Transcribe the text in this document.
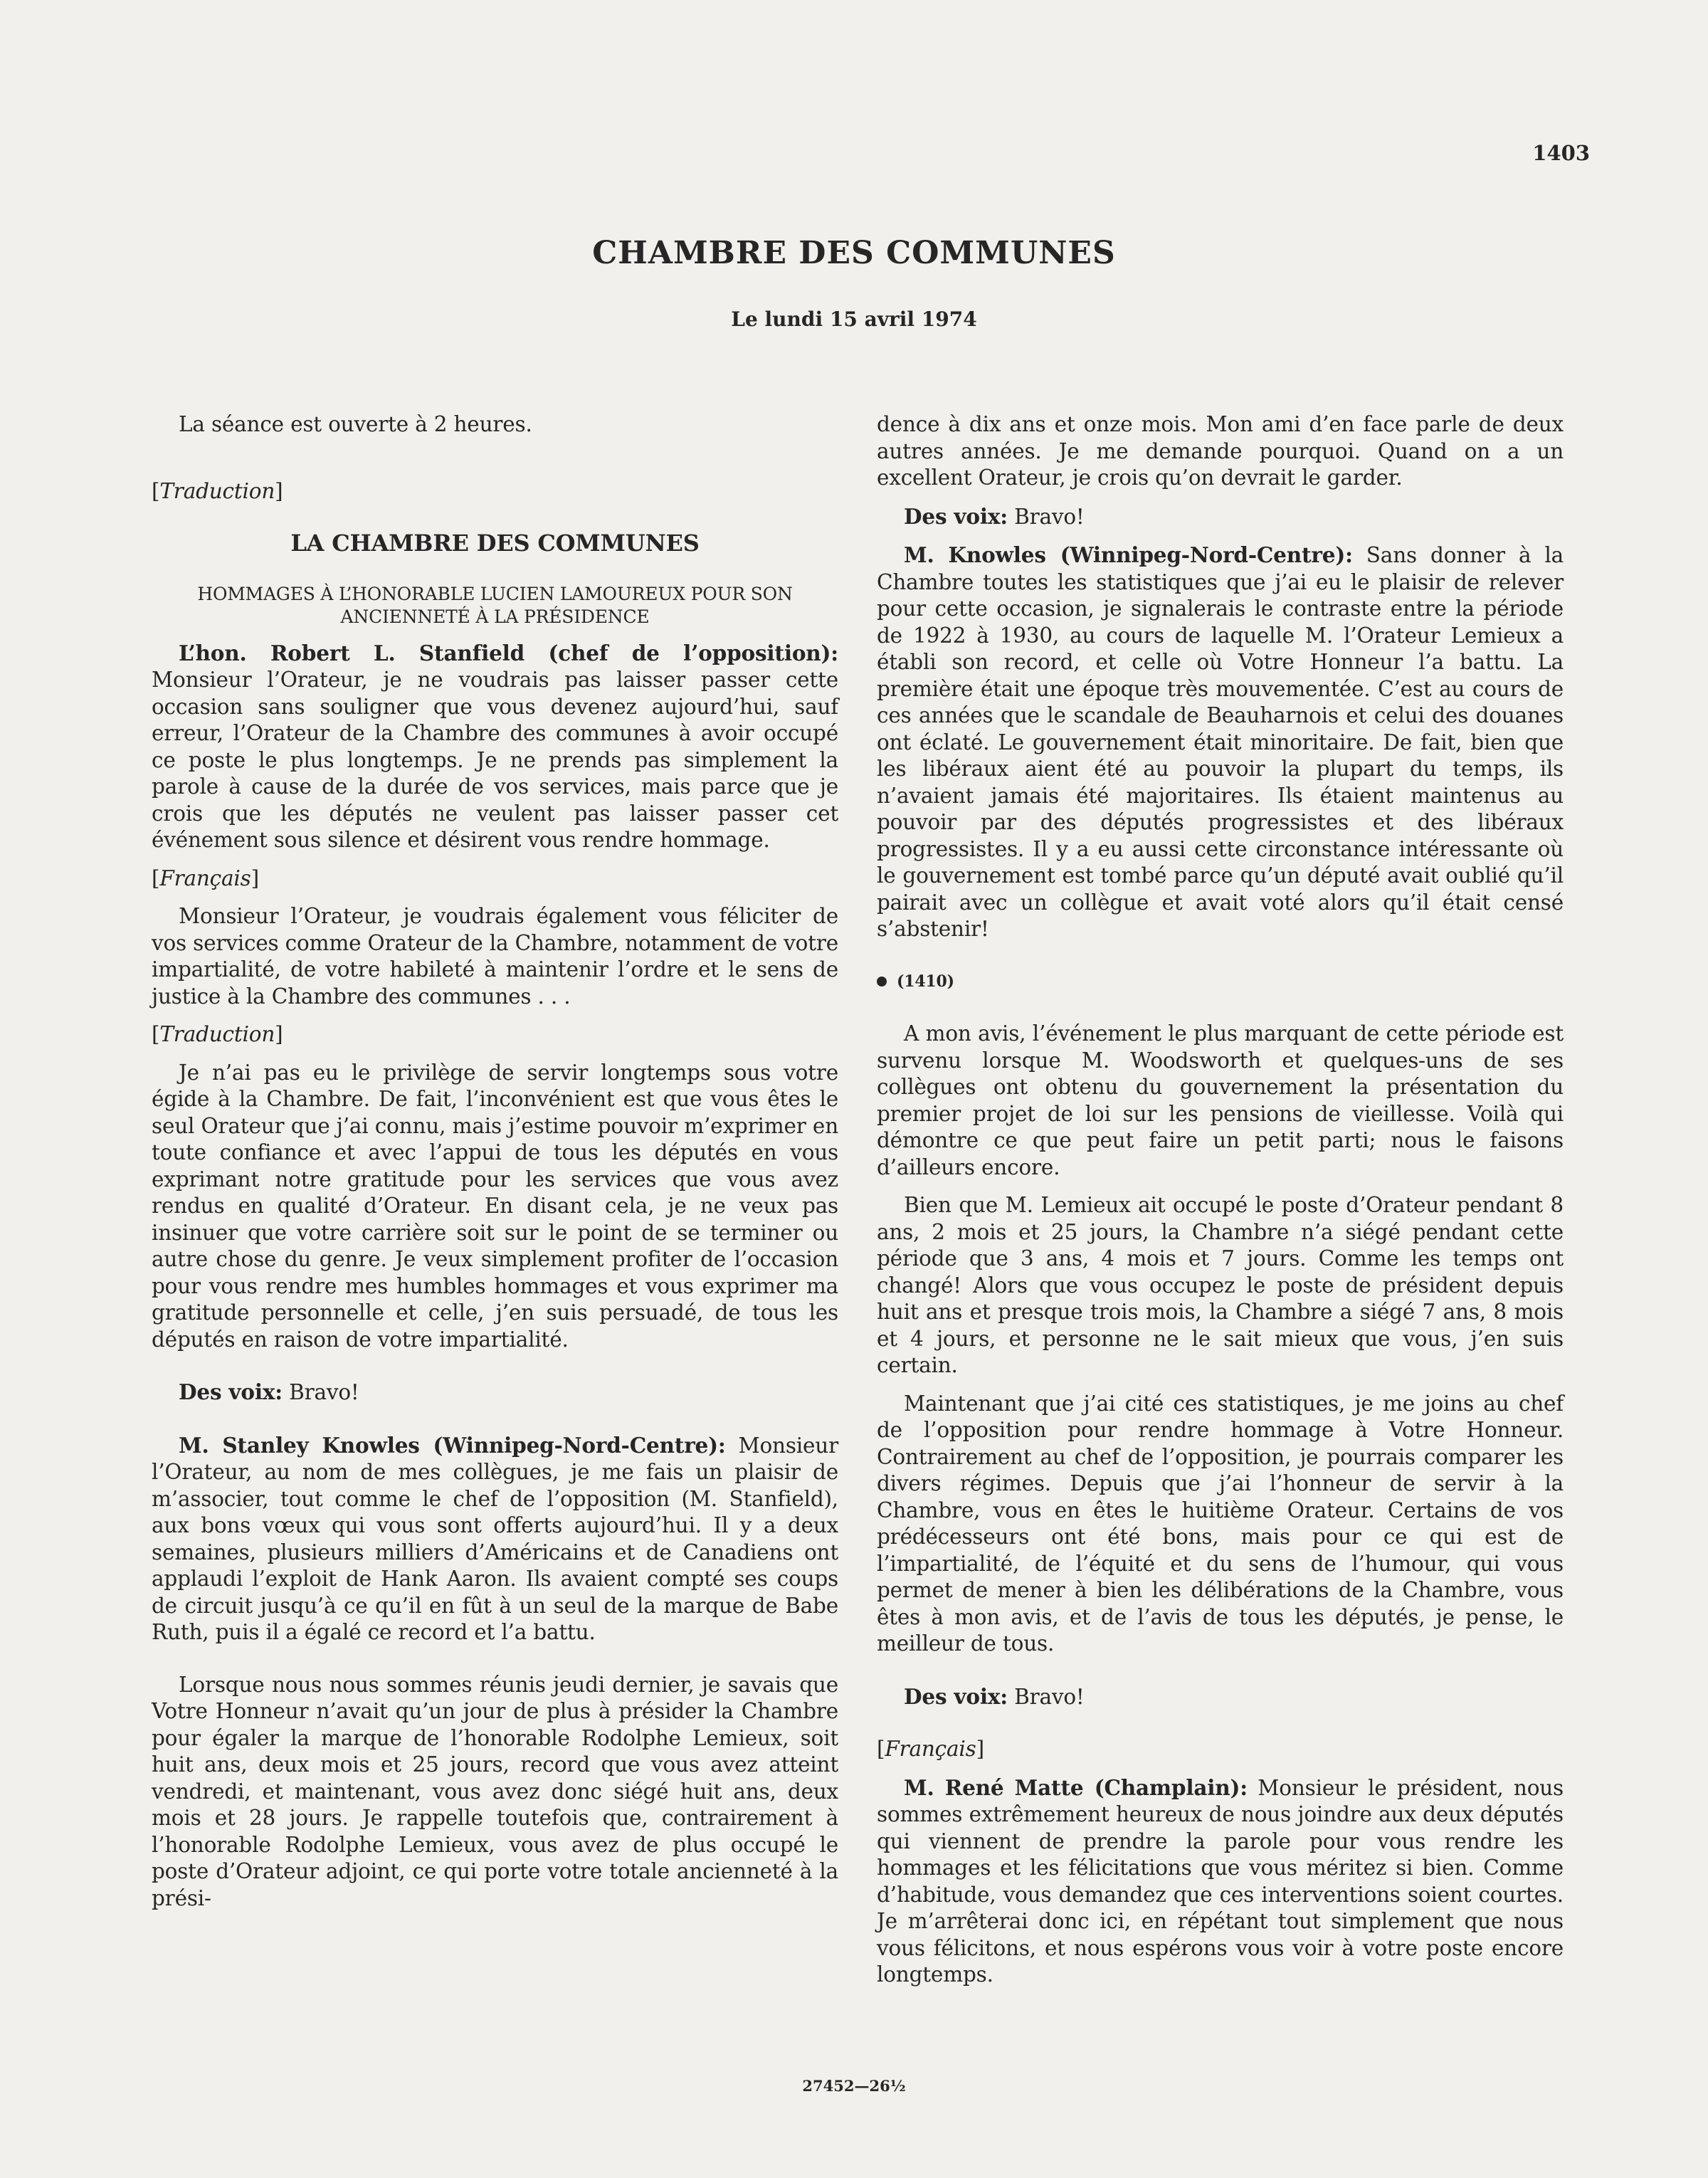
1403
CHAMBRE DES COMMUNES
Le lundi 15 avril 1974

La séance est ouverte à 2 heures.

[ Traduction ]

LA CHAMBRE DES COMMUNES

HOMMAGES À L’HONORABLE LUCIEN LAMOUREUX POUR SON ANCIENNETÉ À LA PRÉSIDENCE

L’hon. Robert L. Stanfield (chef de l’opposition): Monsieur l’Orateur, je ne voudrais pas laisser passer cette occasion sans souligner que vous devenez aujourd’hui, sauf erreur, l’Orateur de la Chambre des communes à avoir occupé ce poste le plus longtemps. Je ne prends pas simplement la parole à cause de la durée de vos services, mais parce que je crois que les députés ne veulent pas laisser passer cet événement sous silence et désirent vous rendre hommage.

[ Français ]

Monsieur l’Orateur, je voudrais également vous féliciter de vos services comme Orateur de la Chambre, notamment de votre impartialité, de votre habileté à maintenir l’ordre et le sens de justice à la Chambre des communes . . .

[ Traduction ]

Je n’ai pas eu le privilège de servir longtemps sous votre égide à la Chambre. De fait, l’inconvénient est que vous êtes le seul Orateur que j’ai connu, mais j’estime pouvoir m’exprimer en toute confiance et avec l’appui de tous les députés en vous exprimant notre gratitude pour les services que vous avez rendus en qualité d’Orateur. En disant cela, je ne veux pas insinuer que votre carrière soit sur le point de se terminer ou autre chose du genre. Je veux simplement profiter de l’occasion pour vous rendre mes humbles hommages et vous exprimer ma gratitude personnelle et celle, j’en suis persuadé, de tous les députés en raison de votre impartialité.

Des voix: Bravo!

M. Stanley Knowles (Winnipeg-Nord-Centre): Monsieur l’Orateur, au nom de mes collègues, je me fais un plaisir de m’associer, tout comme le chef de l’opposition (M. Stanfield), aux bons vœux qui vous sont offerts aujourd’hui. Il y a deux semaines, plusieurs milliers d’Américains et de Canadiens ont applaudi l’exploit de Hank Aaron. Ils avaient compté ses coups de circuit jusqu’à ce qu’il en fût à un seul de la marque de Babe Ruth, puis il a égalé ce record et l’a battu.

Lorsque nous nous sommes réunis jeudi dernier, je savais que Votre Honneur n’avait qu’un jour de plus à présider la Chambre pour égaler la marque de l’honorable Rodolphe Lemieux, soit huit ans, deux mois et 25 jours, record que vous avez atteint vendredi, et maintenant, vous avez donc siégé huit ans, deux mois et 28 jours. Je rappelle toutefois que, contrairement à l’honorable Rodolphe Lemieux, vous avez de plus occupé le poste d’Orateur adjoint, ce qui porte votre totale ancienneté à la prési-

dence à dix ans et onze mois. Mon ami d’en face parle de deux autres années. Je me demande pourquoi. Quand on a un excellent Orateur, je crois qu’on devrait le garder.

Des voix: Bravo!

M. Knowles (Winnipeg-Nord-Centre): Sans donner à la Chambre toutes les statistiques que j’ai eu le plaisir de relever pour cette occasion, je signalerais le contraste entre la période de 1922 à 1930, au cours de laquelle M. l’Orateur Lemieux a établi son record, et celle où Votre Honneur l’a battu. La première était une époque très mouvementée. C’est au cours de ces années que le scandale de Beauharnois et celui des douanes ont éclaté. Le gouvernement était minoritaire. De fait, bien que les libéraux aient été au pouvoir la plupart du temps, ils n’avaient jamais été majoritaires. Ils étaient maintenus au pouvoir par des députés progressistes et des libéraux progressistes. Il y a eu aussi cette circonstance intéressante où le gouvernement est tombé parce qu’un député avait oublié qu’il pairait avec un collègue et avait voté alors qu’il était censé s’abstenir!

(1410)

A mon avis, l’événement le plus marquant de cette période est survenu lorsque M. Woodsworth et quelques-uns de ses collègues ont obtenu du gouvernement la présentation du premier projet de loi sur les pensions de vieillesse. Voilà qui démontre ce que peut faire un petit parti; nous le faisons d’ailleurs encore.

Bien que M. Lemieux ait occupé le poste d’Orateur pendant 8 ans, 2 mois et 25 jours, la Chambre n’a siégé pendant cette période que 3 ans, 4 mois et 7 jours. Comme les temps ont changé! Alors que vous occupez le poste de président depuis huit ans et presque trois mois, la Chambre a siégé 7 ans, 8 mois et 4 jours, et personne ne le sait mieux que vous, j’en suis certain.

Maintenant que j’ai cité ces statistiques, je me joins au chef de l’opposition pour rendre hommage à Votre Honneur. Contrairement au chef de l’opposition, je pourrais comparer les divers régimes. Depuis que j’ai l’honneur de servir à la Chambre, vous en êtes le huitième Orateur. Certains de vos prédécesseurs ont été bons, mais pour ce qui est de l’impartialité, de l’équité et du sens de l’humour, qui vous permet de mener à bien les délibérations de la Chambre, vous êtes à mon avis, et de l’avis de tous les députés, je pense, le meilleur de tous.

Des voix: Bravo!

[ Français ]

M. René Matte (Champlain): Monsieur le président, nous sommes extrêmement heureux de nous joindre aux deux députés qui viennent de prendre la parole pour vous rendre les hommages et les félicitations que vous méritez si bien. Comme d’habitude, vous demandez que ces interventions soient courtes. Je m’arrêterai donc ici, en répétant tout simplement que nous vous félicitons, et nous espérons vous voir à votre poste encore longtemps.

27452—26½
